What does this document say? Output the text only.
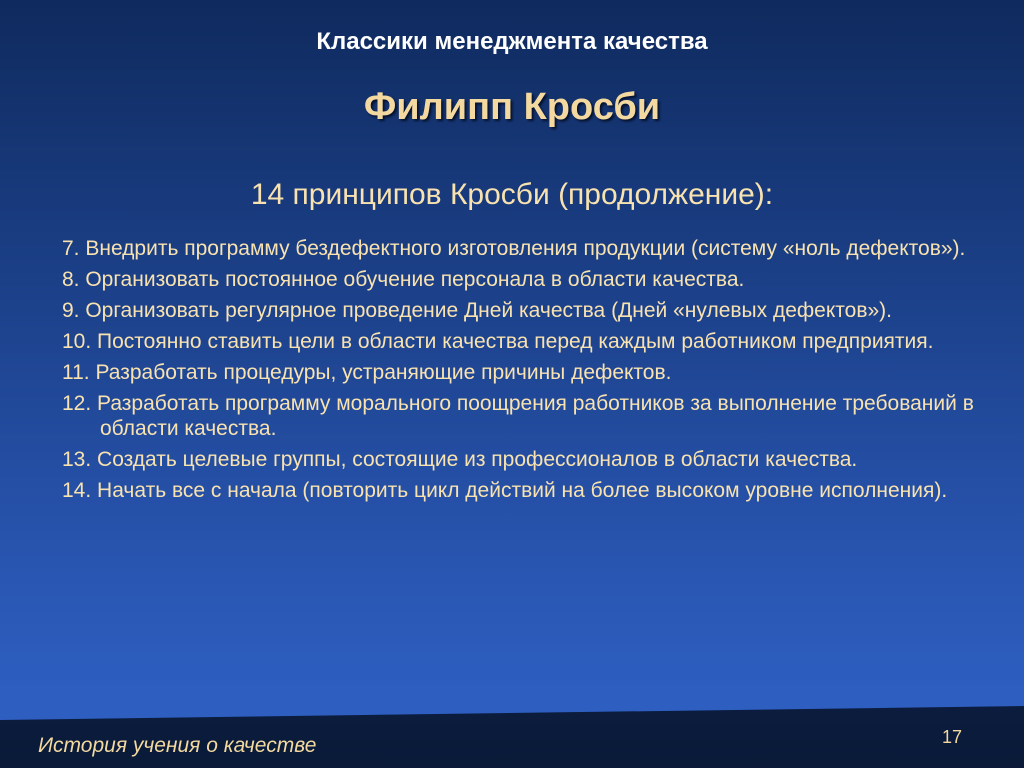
Классики менеджмента качества
Филипп Кросби
14 принципов Кросби (продолжение):
7. Внедрить программу бездефектного изготовления продукции (систему «ноль дефектов»).
8. Организовать постоянное обучение персонала в области качества.
9. Организовать регулярное проведение Дней качества (Дней «нулевых дефектов»).
10. Постоянно ставить цели в области качества перед каждым работником предприятия.
11. Разработать процедуры, устраняющие причины дефектов.
12. Разработать программу морального поощрения работников за выполнение требований в области качества.
13. Создать целевые группы, состоящие из профессионалов в области качества.
14. Начать все с начала (повторить цикл действий на более высоком уровне исполнения).
История учения о качестве	17
